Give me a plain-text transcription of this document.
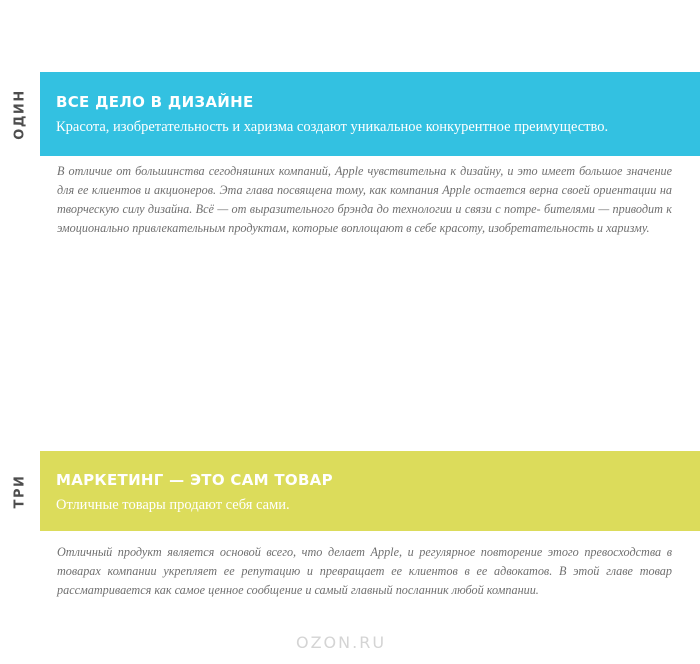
ОДИН ВСЕ ДЕЛО В ДИЗАЙНЕ
Красота, изобретательность и харизма создают уникальное конкурентное преимущество.

В отличие от большинства сегодняшних компаний, Apple чувствительна к дизайну, и это имеет большое значение для ее клиентов и акционеров. Эта глава посвящена тому, как компания Apple остается верна своей ориентации на творческую силу дизайна. Всё — от выразительного брэнда до технологии и связи с потре- бителями — приводит к эмоционально привлекательным продуктам, которые воплощают в себе красоту, изобретательность и харизму.

ТРИ МАРКЕТИНГ — ЭТО САМ ТОВАР
Отличные товары продают себя сами.

Отличный продукт является основой всего, что делает Apple, и регулярное повторение этого превосходства в товарах компании укрепляет ее репутацию и превращает ее клиентов в ее адвокатов. В этой главе товар рассматривается как самое ценное сообщение и самый главный посланник любой компании.

OZON.RU
